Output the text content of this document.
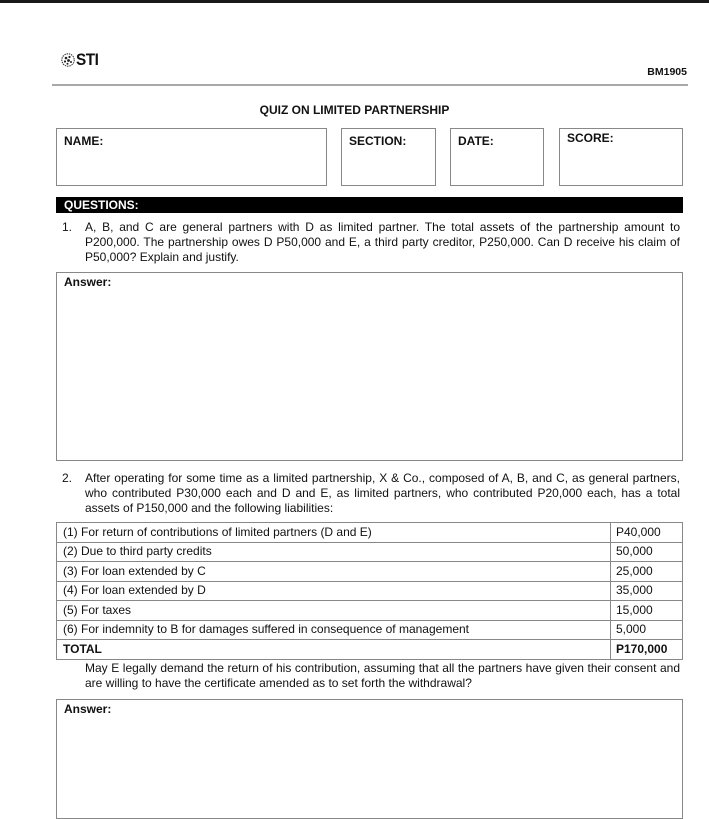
STI
BM1905
QUIZ ON LIMITED PARTNERSHIP
NAME:	SECTION:	DATE:	SCORE:
QUESTIONS:
1. A, B, and C are general partners with D as limited partner. The total assets of the partnership amount to P200,000. The partnership owes D P50,000 and E, a third party creditor, P250,000. Can D receive his claim of P50,000? Explain and justify.
Answer:
2. After operating for some time as a limited partnership, X & Co., composed of A, B, and C, as general partners, who contributed P30,000 each and D and E, as limited partners, who contributed P20,000 each, has a total assets of P150,000 and the following liabilities:
(1) For return of contributions of limited partners (D and E)	P40,000
(2) Due to third party credits	50,000
(3) For loan extended by C	25,000
(4) For loan extended by D	35,000
(5) For taxes	15,000
(6) For indemnity to B for damages suffered in consequence of management	5,000
TOTAL	P170,000
May E legally demand the return of his contribution, assuming that all the partners have given their consent and are willing to have the certificate amended as to set forth the withdrawal?
Answer:
